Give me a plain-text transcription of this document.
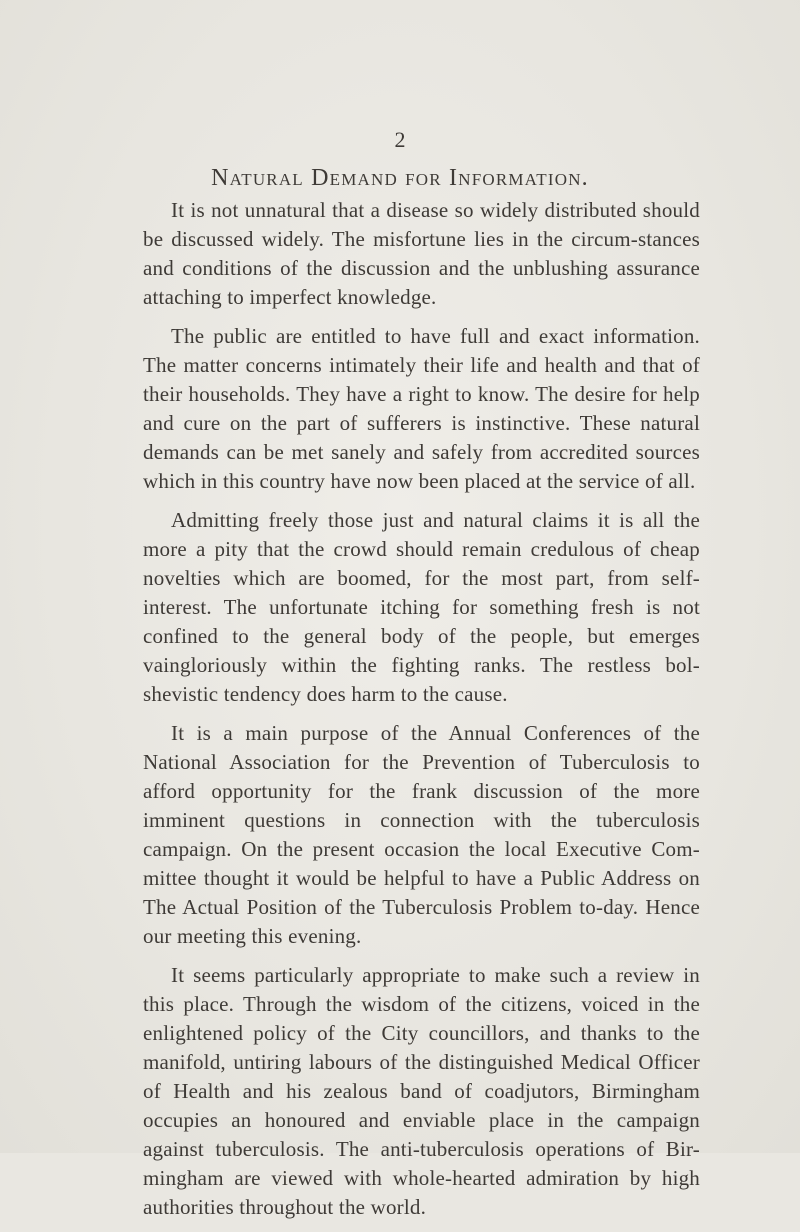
2
Natural Demand for Information.

It is not unnatural that a disease so widely distributed should be discussed widely. The misfortune lies in the circum-stances and conditions of the discussion and the unblushing assurance attaching to imperfect knowledge.

The public are entitled to have full and exact information. The matter concerns intimately their life and health and that of their households. They have a right to know. The desire for help and cure on the part of sufferers is instinctive. These natural demands can be met sanely and safely from accredited sources which in this country have now been placed at the service of all.

Admitting freely those just and natural claims it is all the more a pity that the crowd should remain credulous of cheap novelties which are boomed, for the most part, from self-interest. The unfortunate itching for something fresh is not confined to the general body of the people, but emerges vaingloriously within the fighting ranks. The restless bol-shevistic tendency does harm to the cause.

It is a main purpose of the Annual Conferences of the National Association for the Prevention of Tuberculosis to afford opportunity for the frank discussion of the more imminent questions in connection with the tuberculosis campaign. On the present occasion the local Executive Com-mittee thought it would be helpful to have a Public Address on The Actual Position of the Tuberculosis Problem to-day. Hence our meeting this evening.

It seems particularly appropriate to make such a review in this place. Through the wisdom of the citizens, voiced in the enlightened policy of the City councillors, and thanks to the manifold, untiring labours of the distinguished Medical Officer of Health and his zealous band of coadjutors, Birmingham occupies an honoured and enviable place in the campaign against tuberculosis. The anti-tuberculosis operations of Bir-mingham are viewed with whole-hearted admiration by high authorities throughout the world.
